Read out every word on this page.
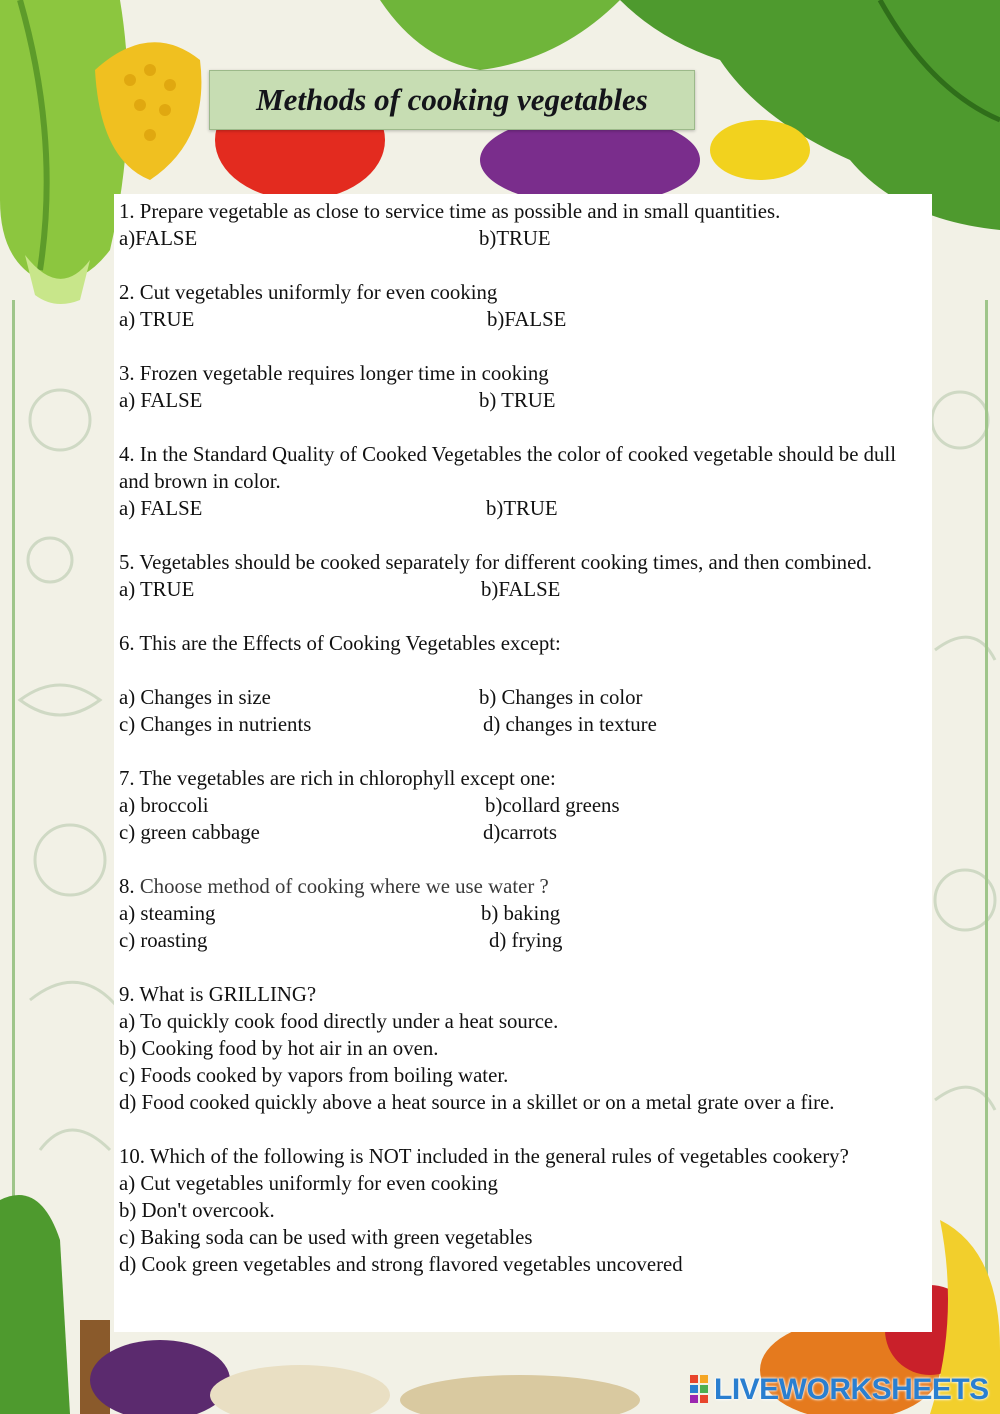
Methods of cooking vegetables
1. Prepare vegetable as close to service time as possible and in small quantities.
a)FALSE	b)TRUE
2. Cut vegetables uniformly for even cooking
a) TRUE	b)FALSE
3. Frozen vegetable requires longer time in cooking
a) FALSE	b) TRUE
4. In the Standard Quality of Cooked Vegetables the color of cooked vegetable should be dull and brown in color.
a) FALSE	b)TRUE
5. Vegetables should be cooked separately for different cooking times, and then combined.
a) TRUE	b)FALSE
6. This are the Effects of Cooking Vegetables except:
a) Changes in size	b) Changes in color
c) Changes in nutrients	d) changes in texture
7. The vegetables are rich in chlorophyll except one:
a) broccoli	b)collard greens
c) green cabbage	d)carrots
8. Choose method of cooking where we use water ?
a) steaming	b) baking
c) roasting	d) frying
9. What is GRILLING?
a) To quickly cook food directly under a heat source.
b) Cooking food by hot air in an oven.
c) Foods cooked by vapors from boiling water.
d) Food cooked quickly above a heat source in a skillet or on a metal grate over a fire.
10. Which of the following is NOT included in the general rules of vegetables cookery?
a) Cut vegetables uniformly for even cooking
b) Don't overcook.
c) Baking soda can be used with green vegetables
d) Cook green vegetables and strong flavored vegetables uncovered
LIVEWORKSHEETS
